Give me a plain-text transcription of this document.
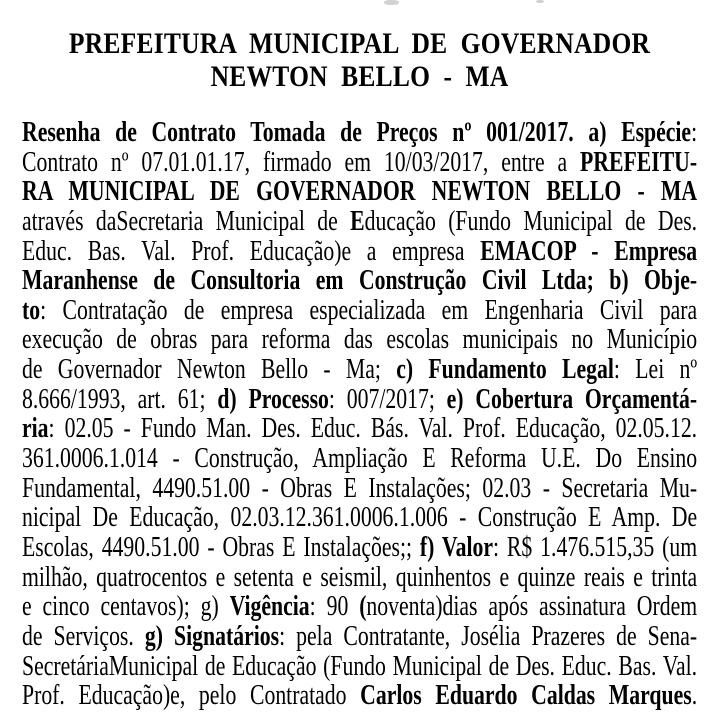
PREFEITURA MUNICIPAL DE GOVERNADOR
NEWTON BELLO - MA
Resenha de Contrato Tomada de Preços nº 001/2017. a) Espécie:
Contrato nº 07.01.01.17, firmado em 10/03/2017, entre a PREFEITU-
RA MUNICIPAL DE GOVERNADOR NEWTON BELLO - MA
através daSecretaria Municipal de Educação (Fundo Municipal de Des.
Educ. Bas. Val. Prof. Educação)e a empresa EMACOP - Empresa
Maranhense de Consultoria em Construção Civil Ltda; b) Obje-
to: Contratação de empresa especializada em Engenharia Civil para
execução de obras para reforma das escolas municipais no Município
de Governador Newton Bello - Ma; c) Fundamento Legal: Lei nº
8.666/1993, art. 61; d) Processo: 007/2017; e) Cobertura Orçamentá-
ria: 02.05 - Fundo Man. Des. Educ. Bás. Val. Prof. Educação, 02.05.12.
361.0006.1.014 - Construção, Ampliação E Reforma U.E. Do Ensino
Fundamental, 4490.51.00 - Obras E Instalações; 02.03 - Secretaria Mu-
nicipal De Educação, 02.03.12.361.0006.1.006 - Construção E Amp. De
Escolas, 4490.51.00 - Obras E Instalações;; f) Valor: R$ 1.476.515,35 (um
milhão, quatrocentos e setenta e seismil, quinhentos e quinze reais e trinta
e cinco centavos); g) Vigência: 90 (noventa)dias após assinatura Ordem
de Serviços. g) Signatários: pela Contratante, Josélia Prazeres de Sena-
SecretáriaMunicipal de Educação (Fundo Municipal de Des. Educ. Bas. Val.
Prof. Educação)e, pelo Contratado Carlos Eduardo Caldas Marques.
